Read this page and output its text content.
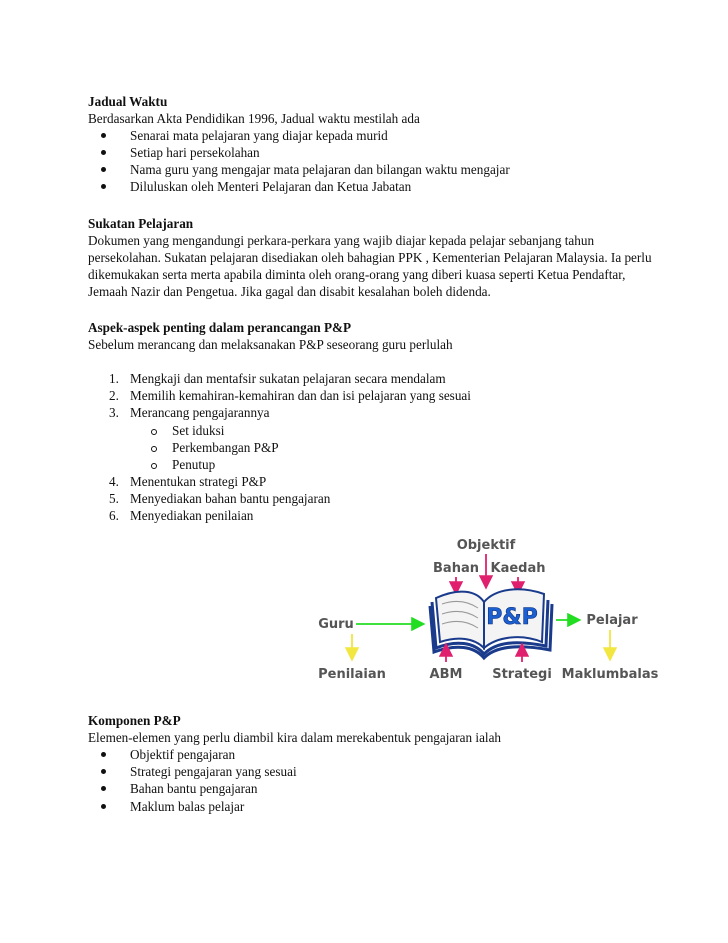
Jadual Waktu

Berdasarkan Akta Pendidikan 1996, Jadual waktu mestilah ada

Senarai mata pelajaran yang diajar kepada murid
Setiap hari persekolahan
Nama guru yang mengajar mata pelajaran dan bilangan waktu mengajar
Diluluskan oleh Menteri Pelajaran dan Ketua Jabatan

Sukatan Pelajaran

Dokumen yang mengandungi perkara-perkara yang wajib diajar kepada pelajar sebanjang tahun

persekolahan. Sukatan pelajaran disediakan oleh bahagian PPK , Kementerian Pelajaran Malaysia. Ia perlu

dikemukakan serta merta apabila diminta oleh orang-orang yang diberi kuasa seperti Ketua Pendaftar,

Jemaah Nazir dan Pengetua. Jika gagal dan disabit kesalahan boleh didenda.

Aspek-aspek penting dalam perancangan P&P

Sebelum merancang dan melaksanakan P&P seseorang guru perlulah

1. Mengkaji dan mentafsir sukatan pelajaran secara mendalam
2. Memilih kemahiran-kemahiran dan dan isi pelajaran yang sesuai
3. Merancang pengajarannya
Set iduksi
Perkembangan P&P
Penutup
4. Menentukan strategi P&P
5. Menyediakan bahan bantu pengajaran
6. Menyediakan penilaian
Objektif
Bahan Kaedah
P&P
Guru	Pelajar
Penilaian	ABM Strategi Maklumbalas

Komponen P&P

Elemen-elemen yang perlu diambil kira dalam merekabentuk pengajaran ialah

Objektif pengajaran
Strategi pengajaran yang sesuai
Bahan bantu pengajaran
Maklum balas pelajar
